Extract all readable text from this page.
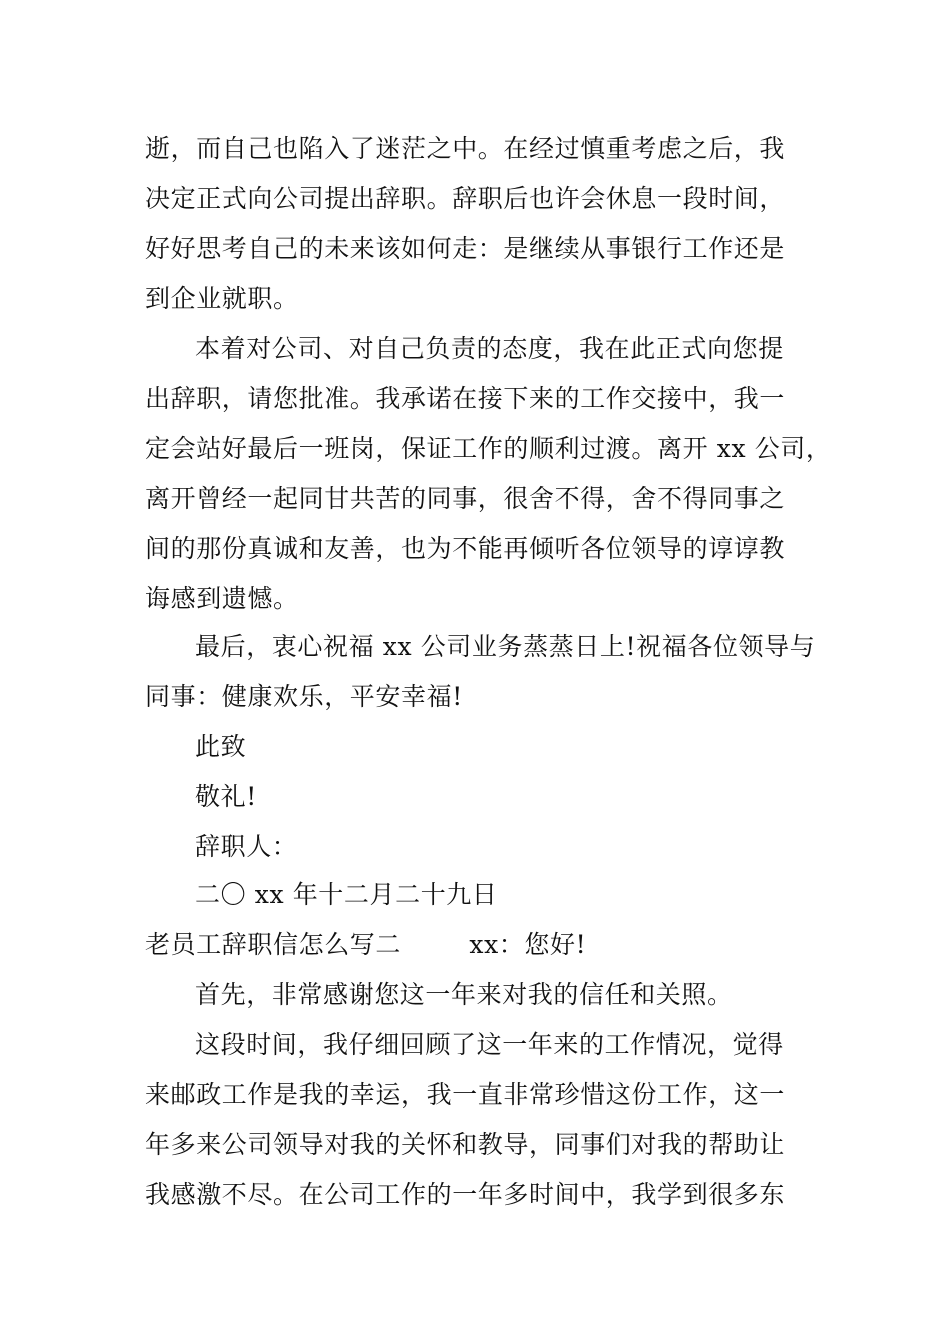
逝，而自己也陷入了迷茫之中。在经过慎重考虑之后，我
决定正式向公司提出辞职。辞职后也许会休息一段时间，
好好思考自己的未来该如何走：是继续从事银行工作还是
到企业就职。
本着对公司、对自己负责的态度，我在此正式向您提
出辞职，请您批准。我承诺在接下来的工作交接中，我一
定会站好最后一班岗，保证工作的顺利过渡。离开 xx 公司，
离开曾经一起同甘共苦的同事，很舍不得，舍不得同事之
间的那份真诚和友善，也为不能再倾听各位领导的谆谆教
诲感到遗憾。
最后，衷心祝福 xx 公司业务蒸蒸日上!祝福各位领导与
同事：健康欢乐，平安幸福!
此致
敬礼!
辞职人：
二〇 xx 年十二月二十九日
老员工辞职信怎么写二        xx：您好!
首先，非常感谢您这一年来对我的信任和关照。
这段时间，我仔细回顾了这一年来的工作情况，觉得
来邮政工作是我的幸运，我一直非常珍惜这份工作，这一
年多来公司领导对我的关怀和教导，同事们对我的帮助让
我感激不尽。在公司工作的一年多时间中，我学到很多东
